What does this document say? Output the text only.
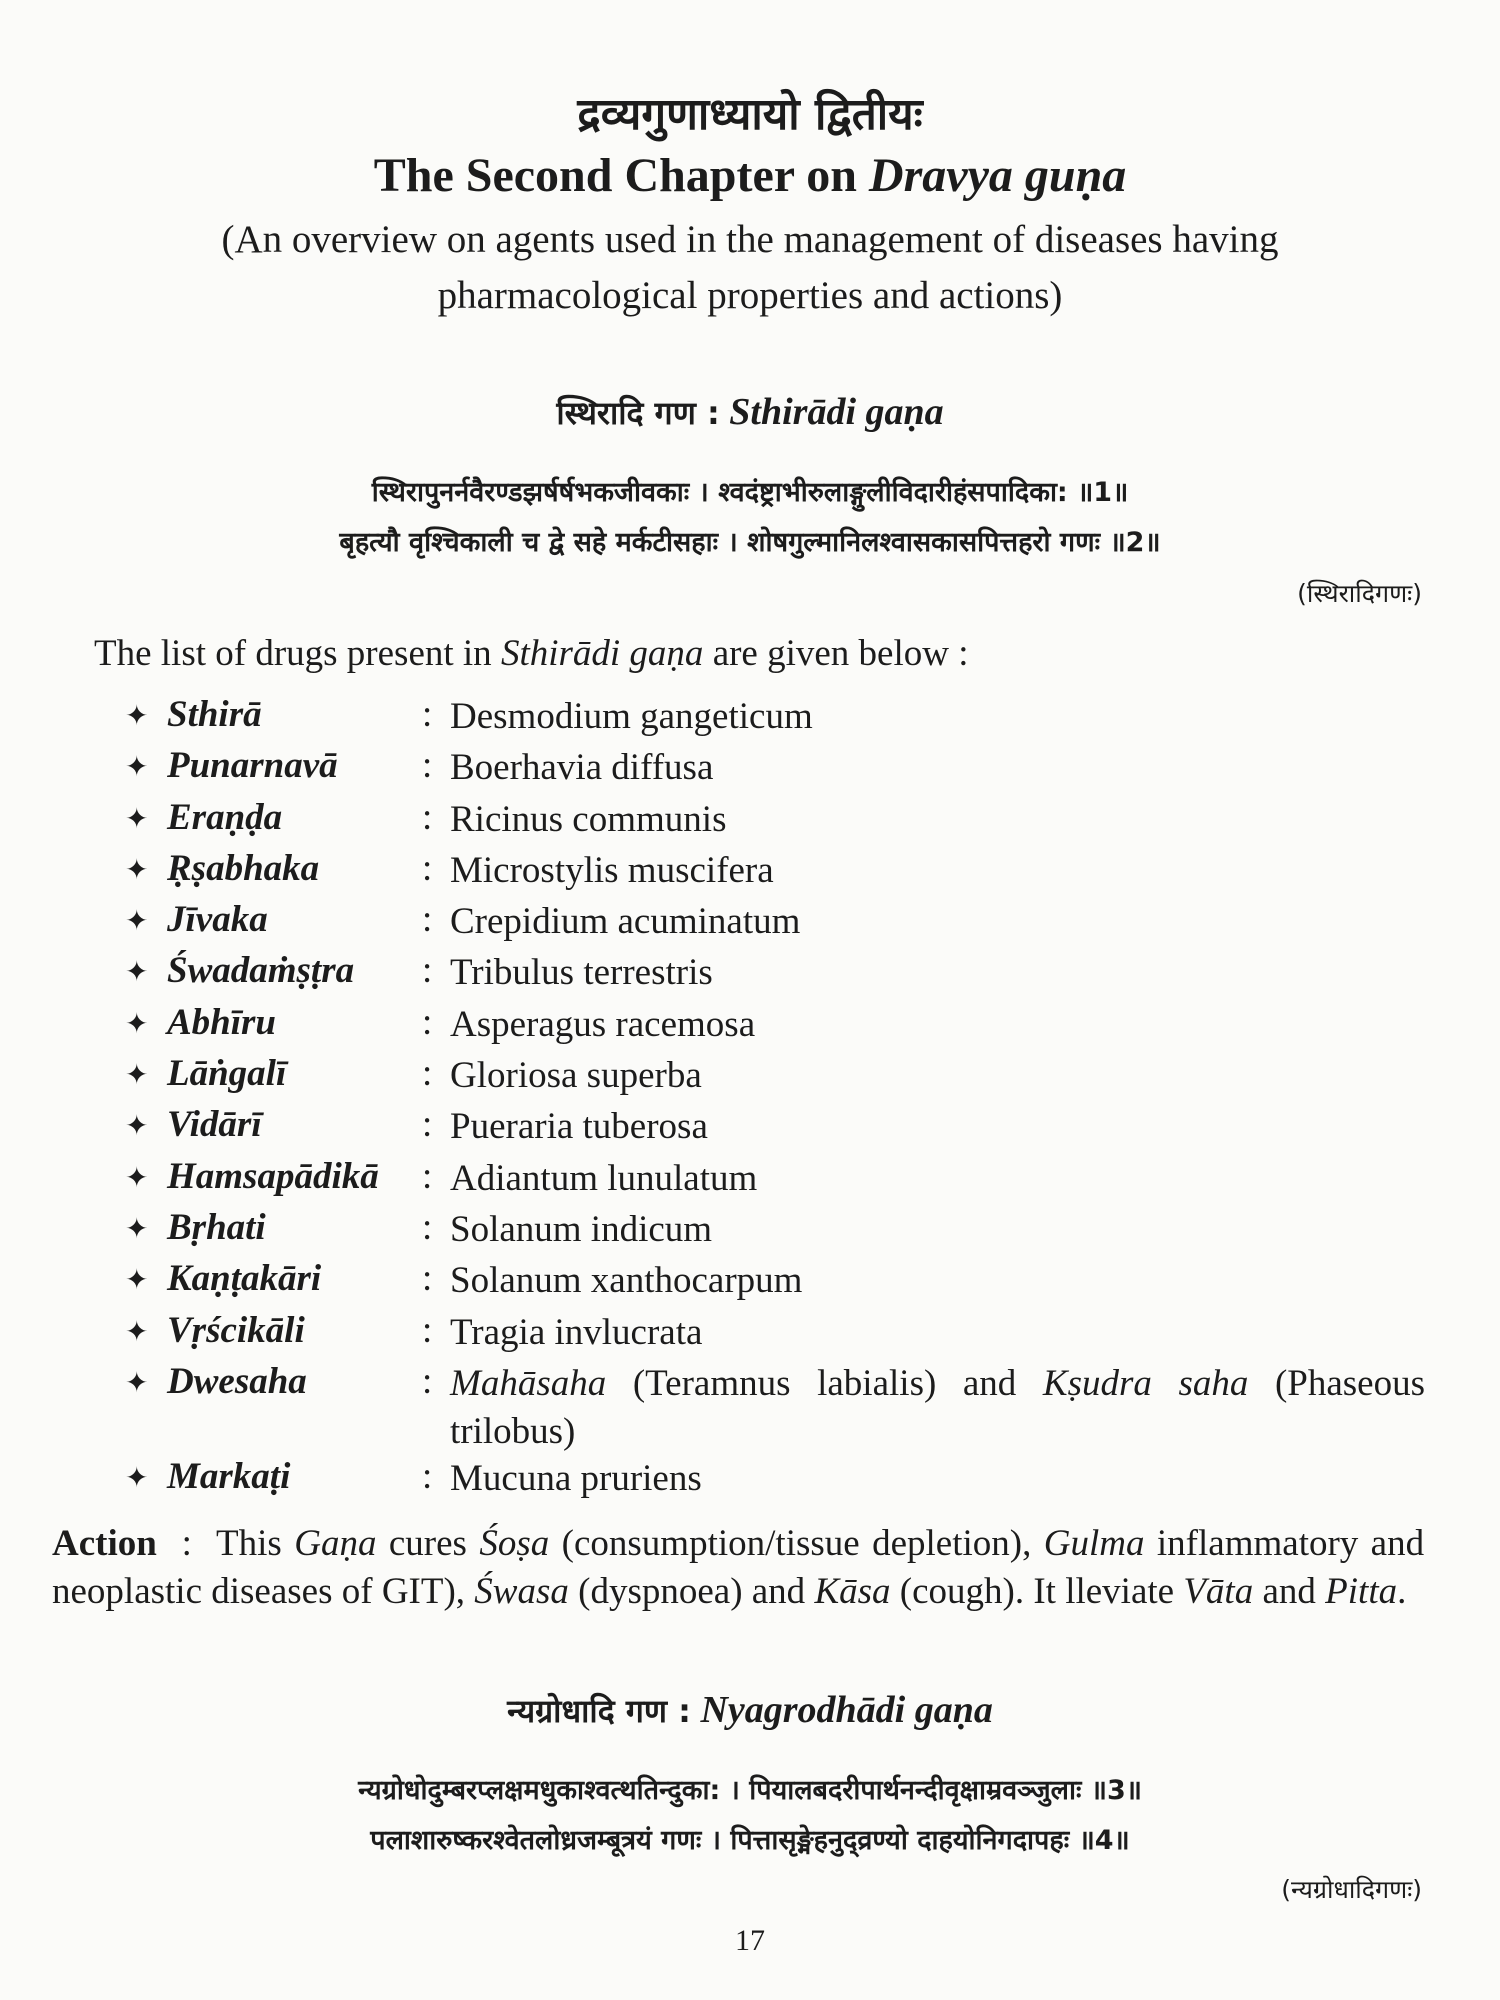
द्रव्यगुणाध्यायो द्वितीयः
The Second Chapter on Dravya guṇa
(An overview on agents used in the management of diseases having pharmacological properties and actions)
स्थिरादि गण : Sthirādi gaṇa
स्थिरापुनर्नवैरण्डझर्षर्षभकजीवकाः । श्वदंष्ट्राभीरुलाङ्गुलीविदारीहंसपादिका: ॥1॥
बृहत्यौ वृश्चिकाली च द्वे सहे मर्कटीसहाः । शोषगुल्मानिलश्वासकासपित्तहरो गणः ॥2॥
(स्थिरादिगणः)
The list of drugs present in Sthirādi gaṇa are given below :
✦ Sthirā	: Desmodium gangeticum
✦ Punarnavā : Boerhavia diffusa
✦ Eraṇḍa	: Ricinus communis
✦ Ṛṣabhaka	: Microstylis muscifera
✦ Jīvaka	: Crepidium acuminatum
✦ Śwadaṁṣṭra : Tribulus terrestris
✦ Abhīru	: Asperagus racemosa
✦ Lāṅgalī	: Gloriosa superba
✦ Vidārī	: Pueraria tuberosa
✦ Hamsapādikā : Adiantum lunulatum
✦ Bṛhati	: Solanum indicum
✦ Kaṇṭakāri	: Solanum xanthocarpum
✦ Vṛścikāli	: Tragia invlucrata
✦ Dwesaha	: Mahāsaha (Teramnus labialis) and Kṣudra saha (Phaseous trilobus)
✦ Markaṭi	: Mucuna pruriens
Action : This Gaṇa cures Śoṣa (consumption/tissue depletion), Gulma inflammatory and neoplastic diseases of GIT), Śwasa (dyspnoea) and Kāsa (cough). It lleviate Vāta and Pitta.
न्यग्रोधादि गण : Nyagrodhādi gaṇa
न्यग्रोधोदुम्बरप्लक्षमधुकाश्वत्थतिन्दुका: । पियालबदरीपार्थनन्दीवृक्षाम्रवञ्जुलाः ॥3॥
पलाशारुष्करश्वेतलोध्रजम्बूत्रयं गणः । पित्तासृङ्मेहनुद्व्रण्यो दाहयोनिगदापहः ॥4॥
(न्यग्रोधादिगणः)
17
